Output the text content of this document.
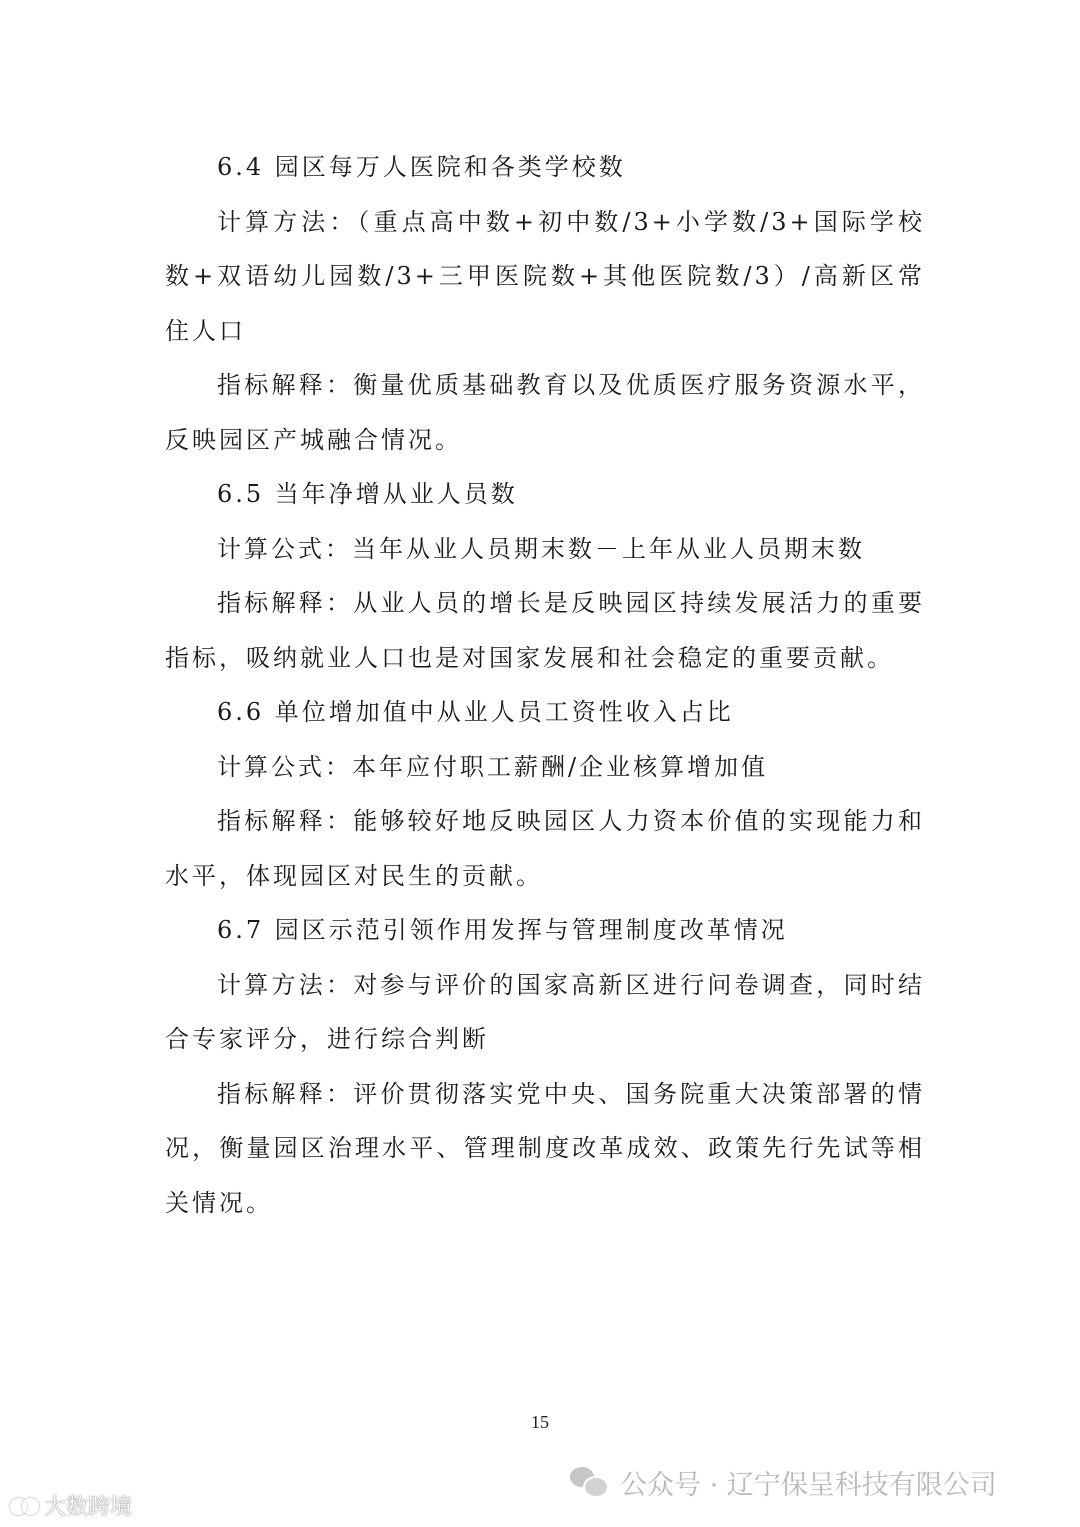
6.4 园区每万人医院和各类学校数

计算方法：（重点高中数+初中数/3+小学数/3+国际学校数+双语幼儿园数/3+三甲医院数+其他医院数/3）/高新区常住人口

指标解释：衡量优质基础教育以及优质医疗服务资源水平，反映园区产城融合情况。

6.5 当年净增从业人员数

计算公式：当年从业人员期末数－上年从业人员期末数

指标解释：从业人员的增长是反映园区持续发展活力的重要指标，吸纳就业人口也是对国家发展和社会稳定的重要贡献。

6.6 单位增加值中从业人员工资性收入占比

计算公式：本年应付职工薪酬/企业核算增加值

指标解释：能够较好地反映园区人力资本价值的实现能力和水平，体现园区对民生的贡献。

6.7 园区示范引领作用发挥与管理制度改革情况

计算方法：对参与评价的国家高新区进行问卷调查，同时结合专家评分，进行综合判断

指标解释：评价贯彻落实党中央、国务院重大决策部署的情况，衡量园区治理水平、管理制度改革成效、政策先行先试等相关情况。

15
公众号 · 辽宁保呈科技有限公司
大数跨境
